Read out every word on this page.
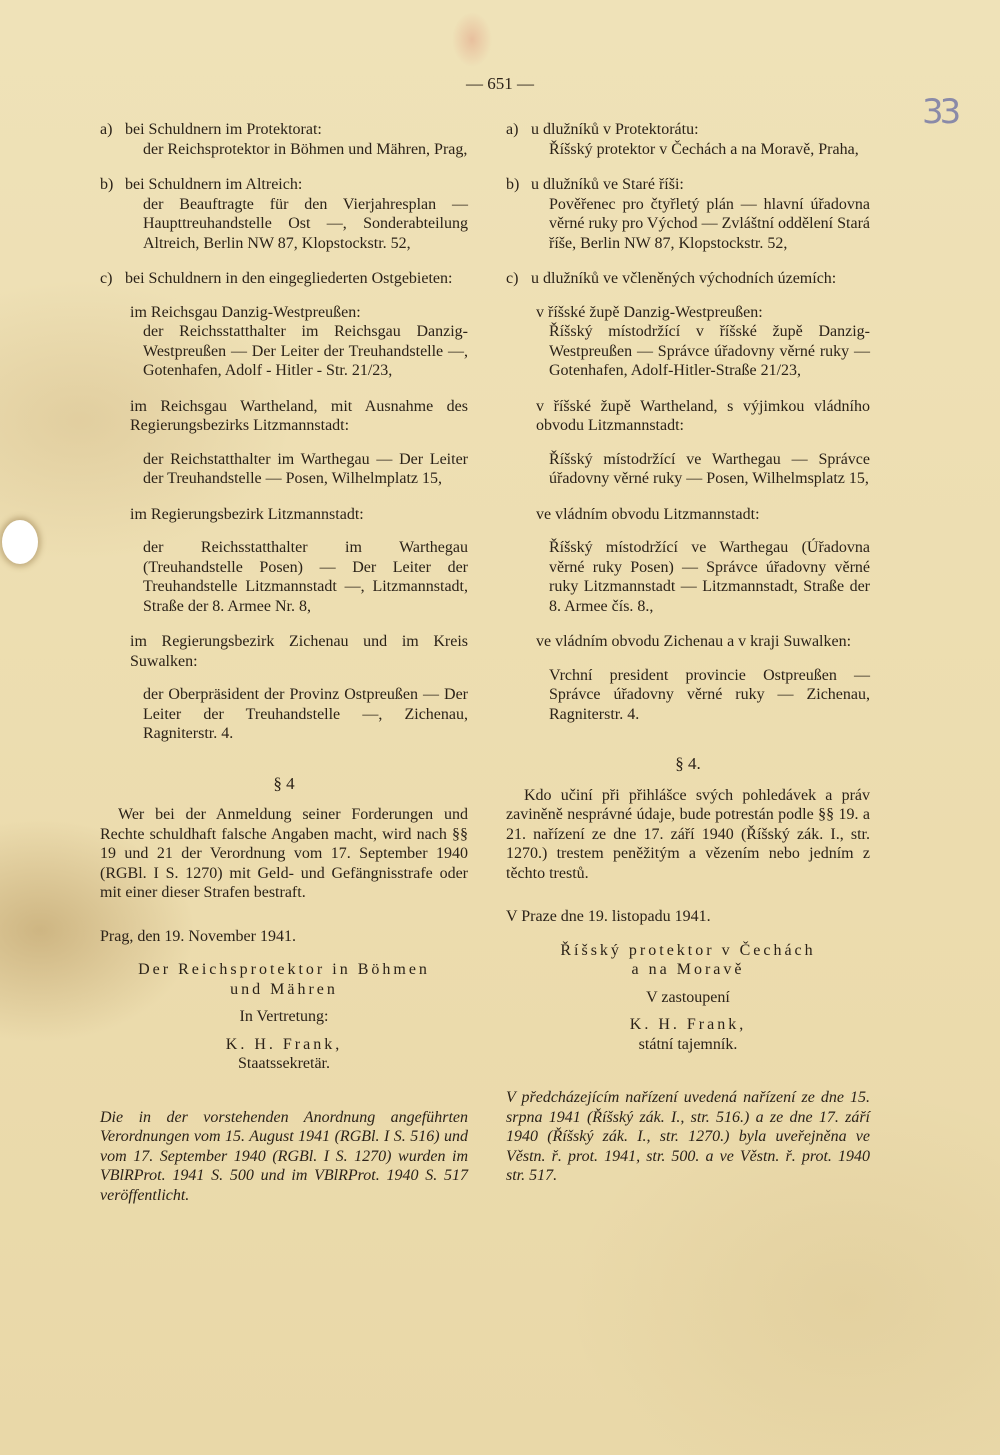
33
— 651 —
a) bei Schuldnern im Protektorat:

der Reichsprotektor in Böhmen und Mähren, Prag,

b) bei Schuldnern im Altreich:

der Beauftragte für den Vierjahresplan — Haupttreuhandstelle Ost —, Sonderabteilung Altreich, Berlin NW 87, Klopstockstr. 52,

c) bei Schuldnern in den eingegliederten Ostgebieten:

im Reichsgau Danzig-Westpreußen:

der Reichsstatthalter im Reichsgau Danzig-Westpreußen — Der Leiter der Treuhandstelle —, Gotenhafen, Adolf - Hitler - Str. 21/23,

im Reichsgau Wartheland, mit Ausnahme des Regierungsbezirks Litzmannstadt:

der Reichstatthalter im Warthegau — Der Leiter der Treuhandstelle — Posen, Wilhelmplatz 15,

im Regierungsbezirk Litzmannstadt:

der Reichsstatthalter im Warthegau (Treuhandstelle Posen) — Der Leiter der Treuhandstelle Litzmannstadt —, Litzmannstadt, Straße der 8. Armee Nr. 8,

im Regierungsbezirk Zichenau und im Kreis Suwalken:

der Oberpräsident der Provinz Ostpreußen — Der Leiter der Treuhandstelle —, Zichenau, Ragniterstr. 4.

§ 4

Wer bei der Anmeldung seiner Forderungen und Rechte schuldhaft falsche Angaben macht, wird nach §§ 19 und 21 der Verordnung vom 17. September 1940 (RGBl. I S. 1270) mit Geld- und Gefängnisstrafe oder mit einer dieser Strafen bestraft.

Prag, den 19. November 1941.

Der Reichsprotektor in Böhmen

und Mähren

In Vertretung:

K. H. Frank,

Staatssekretär.

Die in der vorstehenden Anordnung angeführten Verordnungen vom 15. August 1941 (RGBl. I S. 516) und vom 17. September 1940 (RGBl. I S. 1270) wurden im VBlRProt. 1941 S. 500 und im VBlRProt. 1940 S. 517 veröffentlicht.

a) u dlužníků v Protektorátu:

Říšský protektor v Čechách a na Moravě, Praha,

b) u dlužníků ve Staré říši:

Pověřenec pro čtyřletý plán — hlavní úřadovna věrné ruky pro Východ — Zvláštní oddělení Stará říše, Berlin NW 87, Klopstockstr. 52,

c) u dlužníků ve včleněných východních územích:

v říšské župě Danzig-Westpreußen:

Říšský místodržící v říšské župě Danzig-Westpreußen — Správce úřadovny věrné ruky — Gotenhafen, Adolf-Hitler-Straße 21/23,

v říšské župě Wartheland, s výjimkou vládního obvodu Litzmannstadt:

Říšský místodržící ve Warthegau — Správce úřadovny věrné ruky — Posen, Wilhelmsplatz 15,

ve vládním obvodu Litzmannstadt:

Říšský místodržící ve Warthegau (Úřadovna věrné ruky Posen) — Správce úřadovny věrné ruky Litzmannstadt — Litzmannstadt, Straße der 8. Armee čís. 8.,

ve vládním obvodu Zichenau a v kraji Suwalken:

Vrchní president provincie Ostpreußen — Správce úřadovny věrné ruky — Zichenau, Ragniterstr. 4.

§ 4.

Kdo učiní při přihlášce svých pohledávek a práv zaviněně nesprávné údaje, bude potrestán podle §§ 19. a 21. nařízení ze dne 17. září 1940 (Říšský zák. I., str. 1270.) trestem peněžitým a vězením nebo jedním z těchto trestů.

V Praze dne 19. listopadu 1941.

Říšský protektor v Čechách

a na Moravě

V zastoupení

K. H. Frank,

státní tajemník.

V předcházejícím nařízení uvedená nařízení ze dne 15. srpna 1941 (Říšský zák. I., str. 516.) a ze dne 17. září 1940 (Říšský zák. I., str. 1270.) byla uveřejněna ve Věstn. ř. prot. 1941, str. 500. a ve Věstn. ř. prot. 1940 str. 517.
